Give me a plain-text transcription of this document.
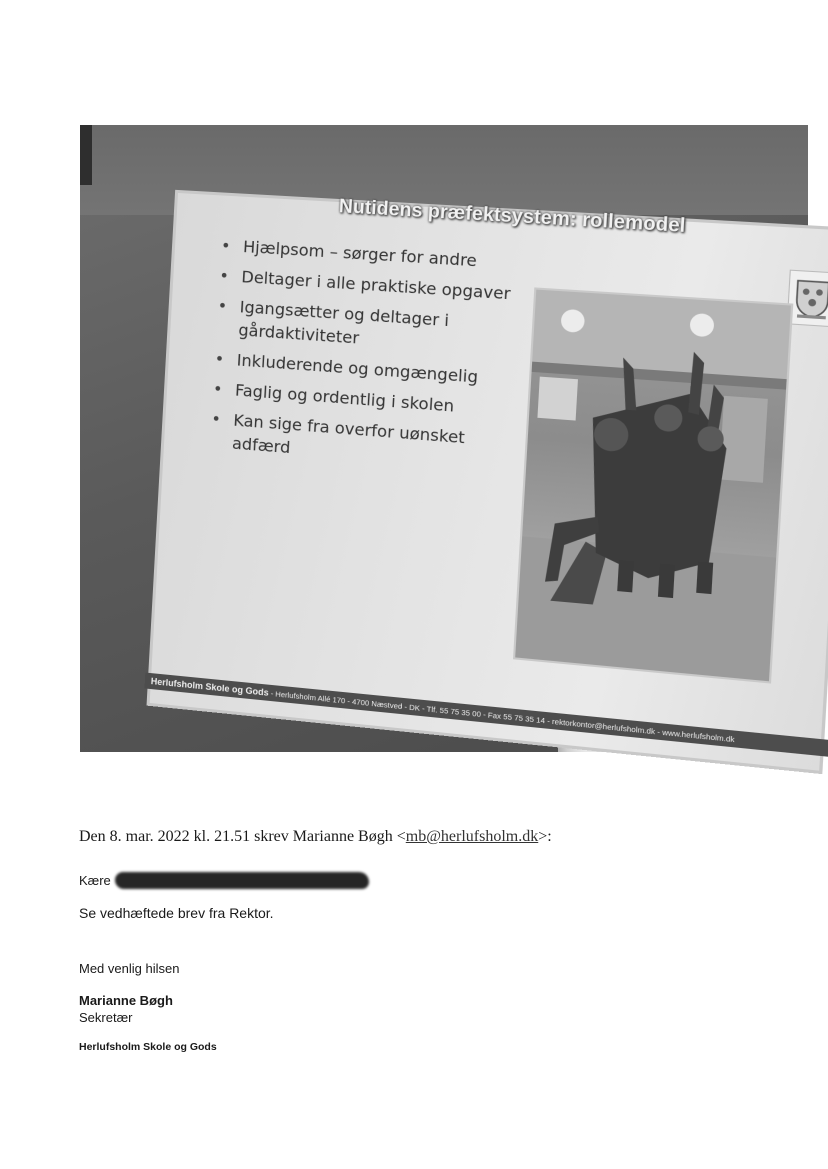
Nutidens præfektsystem: rollemodel
• Hjælpsom – sørger for andre
• Deltager i alle praktiske opgaver
• Igangsætter og deltager i gårdaktiviteter
• Inkluderende og omgængelig
• Faglig og ordentlig i skolen
• Kan sige fra overfor uønsket adfærd
Herlufsholm Skole og Gods - Herlufsholm Allé 170 - 4700 Næstved - DK - Tlf. 55 75 35 00 - Fax 55 75 35 14 - rektorkontor@herlufsholm.dk - www.herlufsholm.dk
Den 8. mar. 2022 kl. 21.51 skrev Marianne Bøgh <mb@herlufsholm.dk>:
Kære
Se vedhæftede brev fra Rektor.
Med venlig hilsen
Marianne Bøgh
Sekretær
Herlufsholm Skole og Gods
